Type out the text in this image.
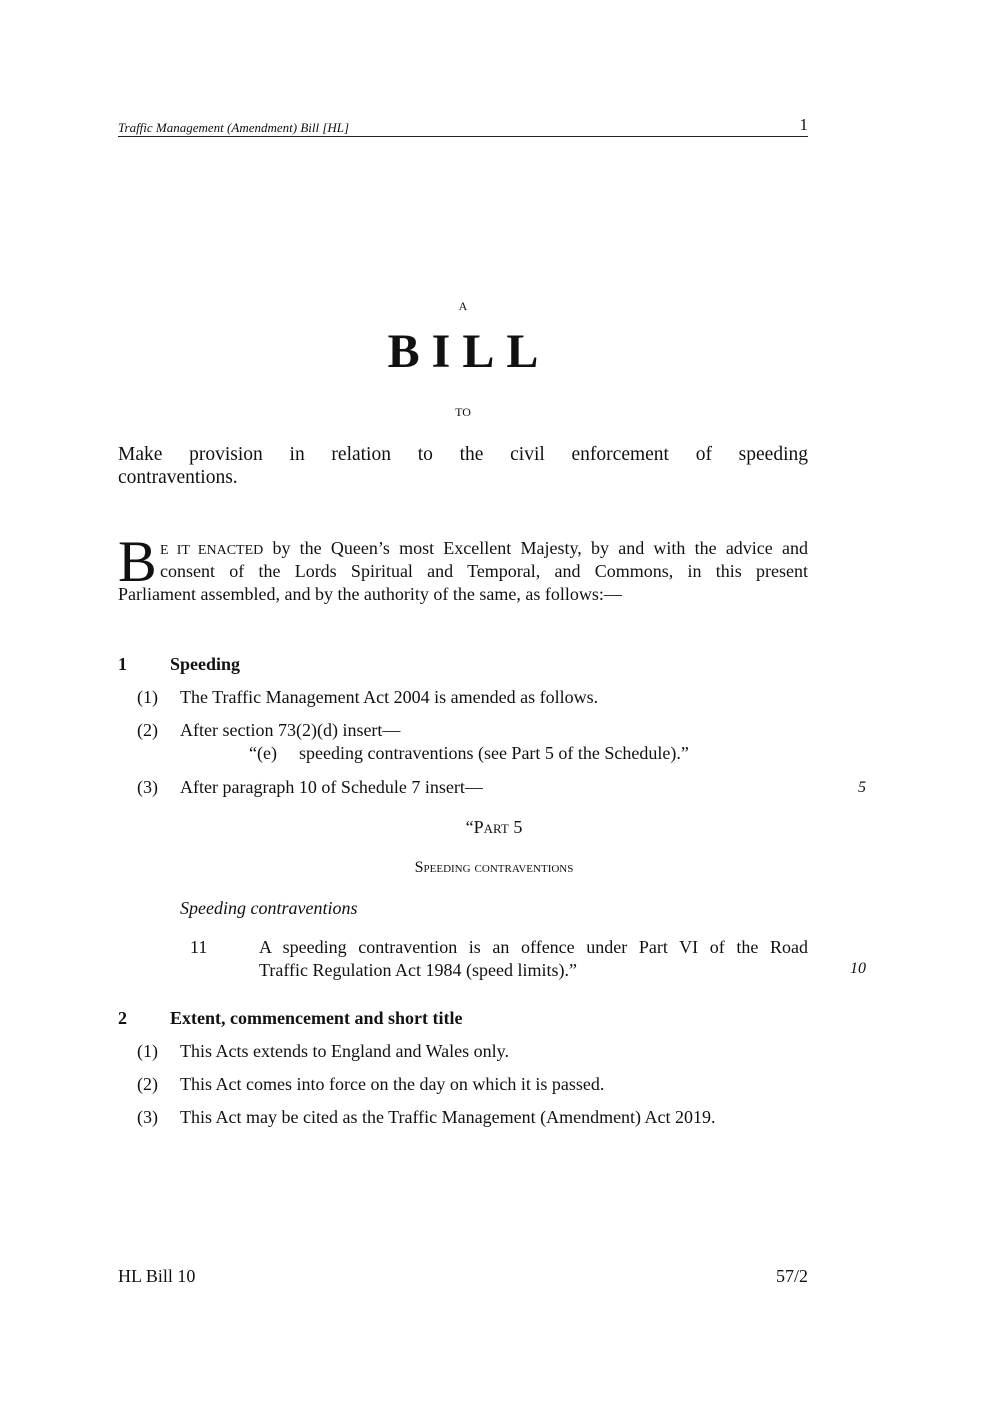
Traffic Management (Amendment) Bill [HL]	1
A
BILL
TO
Make provision in relation to the civil enforcement of speeding
contraventions.
B E IT ENACTED by the Queen’s most Excellent Majesty, by and with the advice and
consent of the Lords Spiritual and Temporal, and Commons, in this present
Parliament assembled, and by the authority of the same, as follows:—
1 Speeding
(1) The Traffic Management Act 2004 is amended as follows.
(2) After section 73(2)(d) insert—
“(e) speeding contraventions (see Part 5 of the Schedule).”
(3) After paragraph 10 of Schedule 7 insert—	5
“Part 5
Speeding contraventions
Speeding contraventions
11	A speeding contravention is an offence under Part VI of the Road
Traffic Regulation Act 1984 (speed limits).”	10
2 Extent, commencement and short title
(1) This Acts extends to England and Wales only.
(2) This Act comes into force on the day on which it is passed.
(3) This Act may be cited as the Traffic Management (Amendment) Act 2019.
HL Bill 10	57/2
